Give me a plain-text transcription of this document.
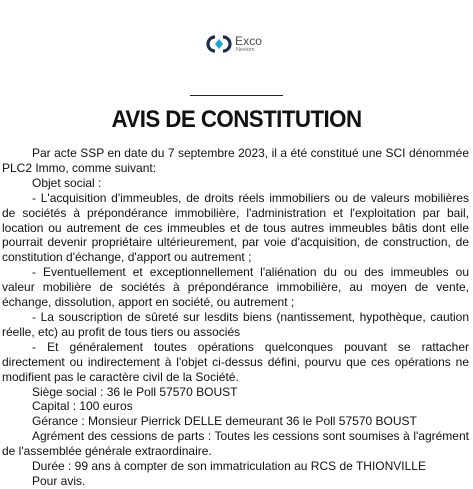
Exco
Nexiom
AVIS DE CONSTITUTION

Par acte SSP en date du 7 septembre 2023, il a été constitué une SCI dénommée PLC2 Immo, comme suivant:

Objet social :

- L'acquisition d'immeubles, de droits réels immobiliers ou de valeurs mobilières de sociétés à prépondérance immobilière, l'administration et l'exploitation par bail, location ou autrement de ces immeubles et de tous autres immeubles bâtis dont elle pourrait devenir propriétaire ultérieurement, par voie d'acquisition, de construction, de constitution d'échange, d'apport ou autrement ;

- Eventuellement et exceptionnellement l'aliénation du ou des immeubles ou valeur mobilière de sociétés à prépondérance immobilière, au moyen de vente, échange, dissolution, apport en société, ou autrement ;

- La souscription de sûreté sur lesdits biens (nantissement, hypothèque, caution réelle, etc) au profit de tous tiers ou associés

- Et généralement toutes opérations quelconques pouvant se rattacher directement ou indirectement à l'objet ci-dessus défini, pourvu que ces opérations ne modifient pas le caractère civil de la Société.

Siège social : 36 le Poll 57570 BOUST

Capital : 100 euros

Gérance : Monsieur Pierrick DELLE demeurant 36 le Poll 57570 BOUST

Agrément des cessions de parts : Toutes les cessions sont soumises à l'agrément de l'assemblée générale extraordinaire.

Durée : 99 ans à compter de son immatriculation au RCS de THIONVILLE

Pour avis.
